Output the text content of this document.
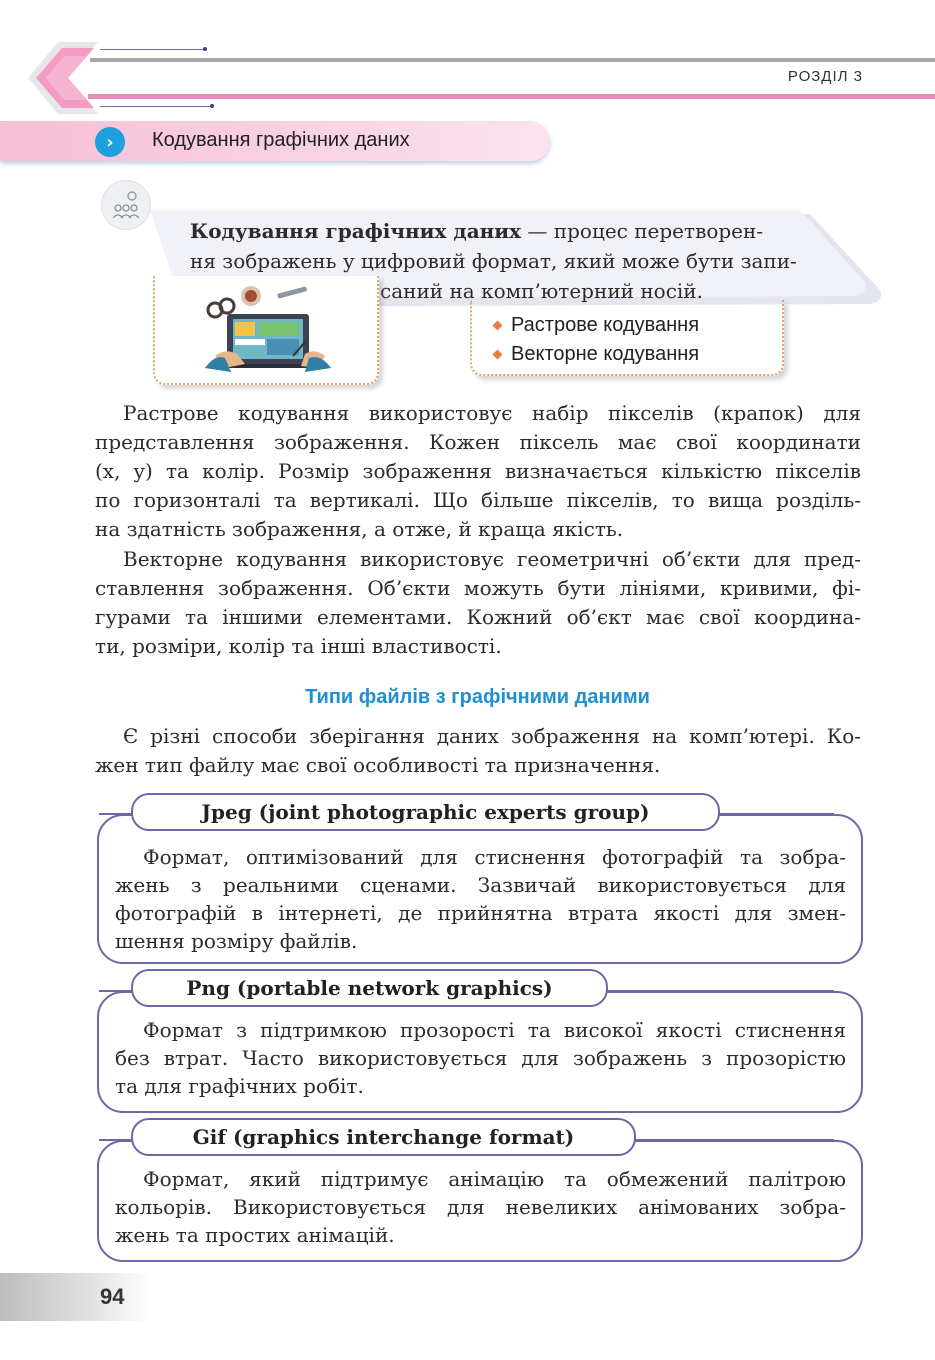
РОЗДІЛ 3
›	Кодування графічних даних
Кодування графічних даних — процес перетворен-
ня зображень у цифровий формат, який може бути запи-
саний на комп’ютерний носій.
Растрове кодування
Векторне кодування
Растрове кодування використовує набір пікселів (крапок) для
представлення зображення. Кожен піксель має свої координати
(x, y) та колір. Розмір зображення визначається кількістю пікселів
по горизонталі та вертикалі. Що більше пікселів, то вища розділь-
на здатність зображення, а отже, й краща якість.
Векторне кодування використовує геометричні об’єкти для пред-
ставлення зображення. Об’єкти можуть бути лініями, кривими, фі-
гурами та іншими елементами. Кожний об’єкт має свої координа-
ти, розміри, колір та інші властивості.
Типи файлів з графічними даними
Є різні способи зберігання даних зображення на комп’ютері. Ко-
жен тип файлу має свої особливості та призначення.
Jpeg (joint photographic experts group)
Формат, оптимізований для стиснення фотографій та зобра-
жень з реальними сценами. Зазвичай використовується для
фотографій в інтернеті, де прийнятна втрата якості для змен-
шення розміру файлів.
Png (portable network graphics)
Формат з підтримкою прозорості та високої якості стиснення
без втрат. Часто використовується для зображень з прозорістю
та для графічних робіт.
Gif (graphics interchange format)
Формат, який підтримує анімацію та обмежений палітрою
кольорів. Використовується для невеликих анімованих зобра-
жень та простих анімацій.
94
